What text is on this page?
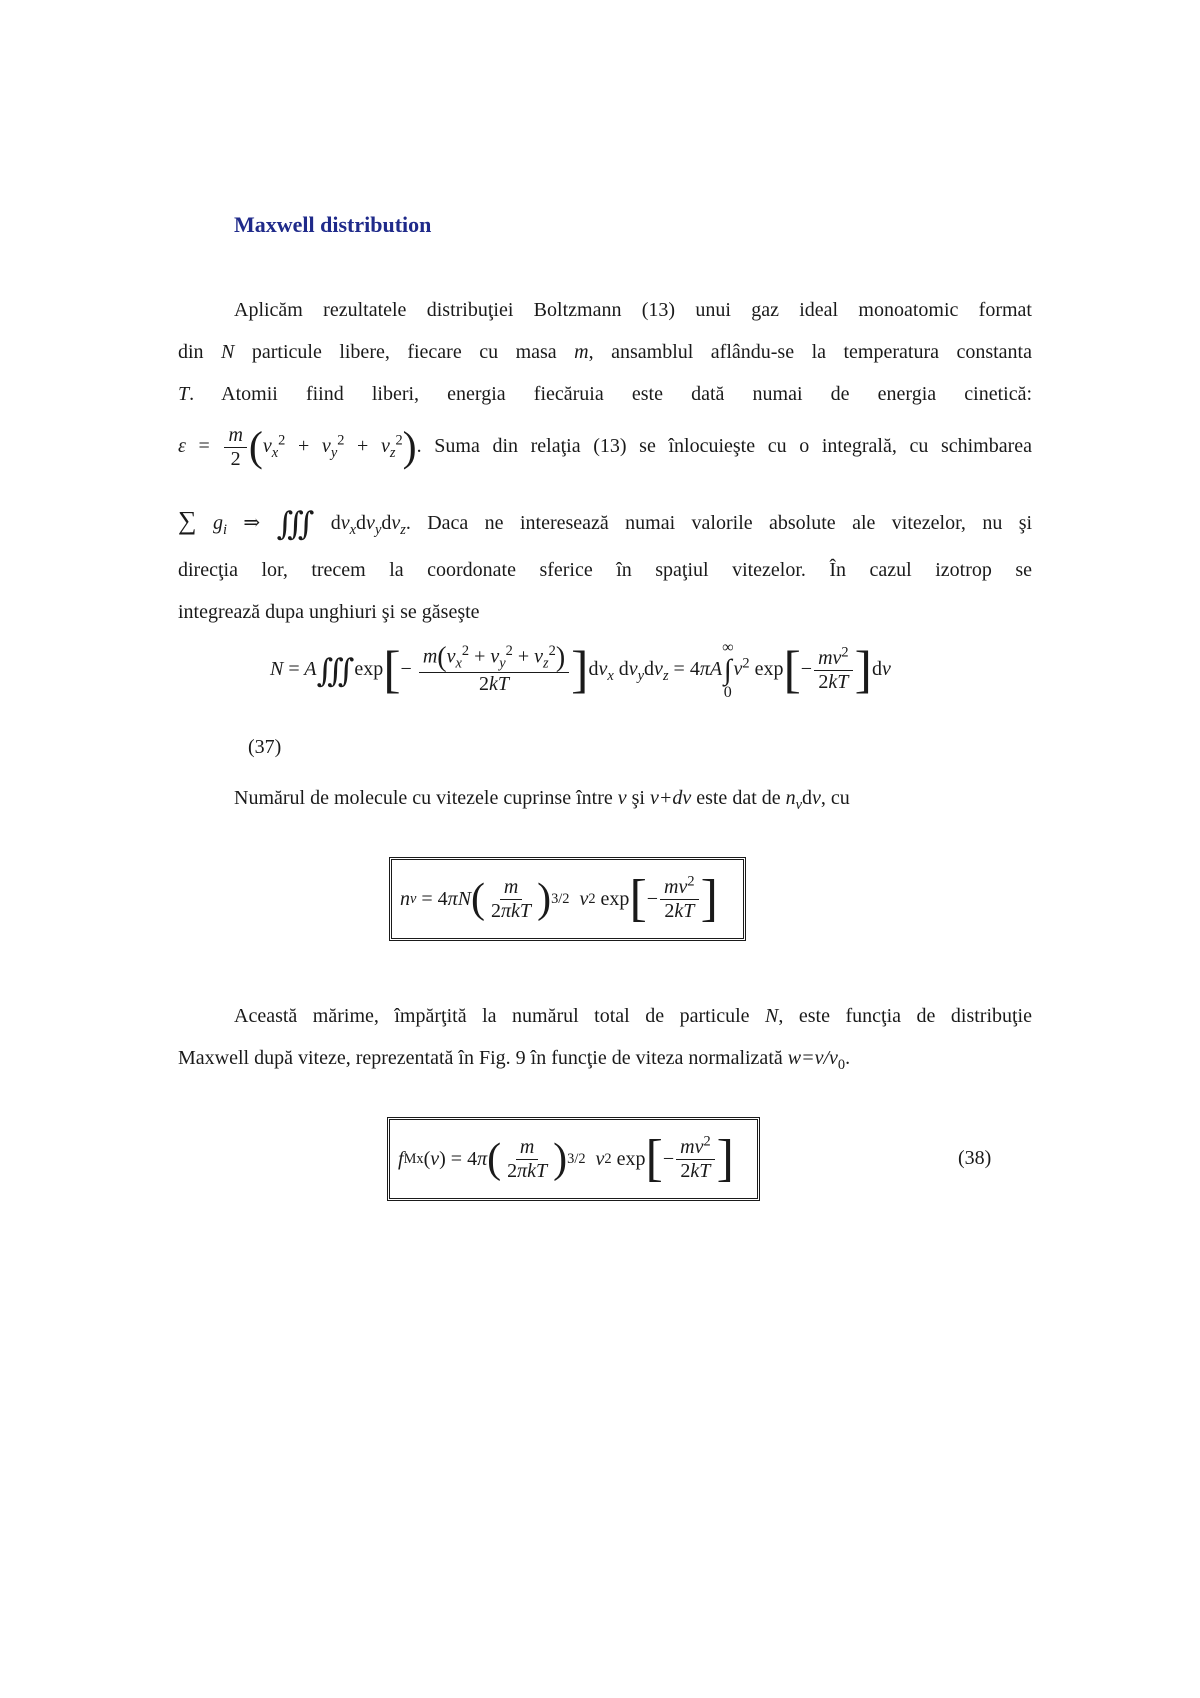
Maxwell distribution
Aplicăm rezultatele distribuţiei Boltzmann (13) unui gaz ideal monoatomic format
din N particule libere, fiecare cu masa m, ansamblul aflându-se la temperatura constanta
T. Atomii fiind liberi, energia fiecăruia este dată numai de energia cinetică:
$\varepsilon = \frac{m}{2} (v_x^2 + v_y^2 + v_z^2)$. Suma din relaţia (13) se înlocuieşte cu o integrală, cu schimbarea
∑ $g_i$ ⇒ ∭ $dv_xdv_ydv_z$. Daca ne interesează numai valorile absolute ale vitezelor, nu şi
direcţia lor, trecem la coordonate sferice în spaţiul vitezelor. În cazul izotrop se
integrează dupa unghiuri şi se găseşte
N = A∭exp[− $\frac{m(v_x^2 + v_y^2 + v_z^2)}{2kT} ]dv_x$ $dv_ydv_z = 4\pi A$
∞
∫
0
$v^2$ $\exp[- \frac{mv^2}{2kT} ]dv$
(37)
Numărul de molecule cu vitezele cuprinse între v şi v+dv este dat de $n_vdv$, cu
n v
= 4 πN ( $\frac{m}{\text{2πkT}}$ ) 3/2 v 2
exp [ − $\frac{mv^2}{2kT}$ ]
Această mărime, împărţită la numărul total de particule N, este funcţia de distribuţie
Maxwell după viteze, reprezentată în Fig. 9 în funcţie de viteza normalizată $w=v/v_0$.
f Mx ( v ) = 4 π ( $\frac{m}{\text{2πkT}}$ ) 3/2 v 2
exp [ − $\frac{mv^2}{2kT}$ ]	(38)
